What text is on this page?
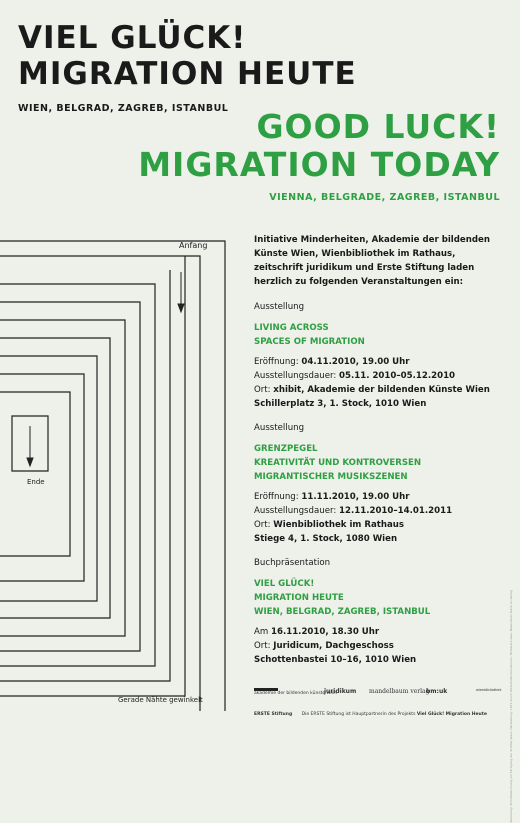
VIEL GLÜCK!
MIGRATION HEUTE
WIEN, BELGRAD, ZAGREB, ISTANBUL GOOD LUCK!
MIGRATION TODAY
VIENNA, BELGRADE, ZAGREB, ISTANBUL
Anfang
Ende
Gerade Nähte gewinkelt

Initiative Minderheiten, Akademie der bildenden Künste Wien, Wienbibliothek im Rathaus, zeitschrift juridikum und Erste Stiftung laden herzlich zu folgenden Veranstaltungen ein:

Ausstellung

LIVING ACROSS

SPACES OF MIGRATION

Eröffnung: 04.11.2010, 19.00 Uhr

Ausstellungsdauer: 05.11. 2010–05.12.2010

Ort: xhibit, Akademie der bildenden Künste Wien

Schillerplatz 3, 1. Stock, 1010 Wien

Ausstellung

GRENZPEGEL

KREATIVITÄT UND KONTROVERSEN

MIGRANTISCHER MUSIKSZENEN

Eröffnung: 11.11.2010, 19.00 Uhr

Ausstellungsdauer: 12.11.2010–14.01.2011

Ort: Wienbibliothek im Rathaus

Stiege 4, 1. Stock, 1080 Wien

Buchpräsentation

VIEL GLÜCK!

MIGRATION HEUTE

WIEN, BELGRAD, ZAGREB, ISTANBUL

Am 16.11.2010, 18.30 Uhr

Ort: Juridicum, Dachgeschoss

Schottenbastei 10–16, 1010 Wien	Abbildung: Schnittzeichnung zur Fertigung der Schiffer Jeans. Herstellung: 1977 durch Wirtschaftsministerium, Stickerei Lukas. Besonderer Dank an Verlag
akademie der bildenden künste wien
juridikum mandelbaum verlag
bm:uk	wienbibliothek
ERSTE Stiftung Die ERSTE Stiftung ist Hauptpartnerin des Projekts Viel Glück! Migration Heute
